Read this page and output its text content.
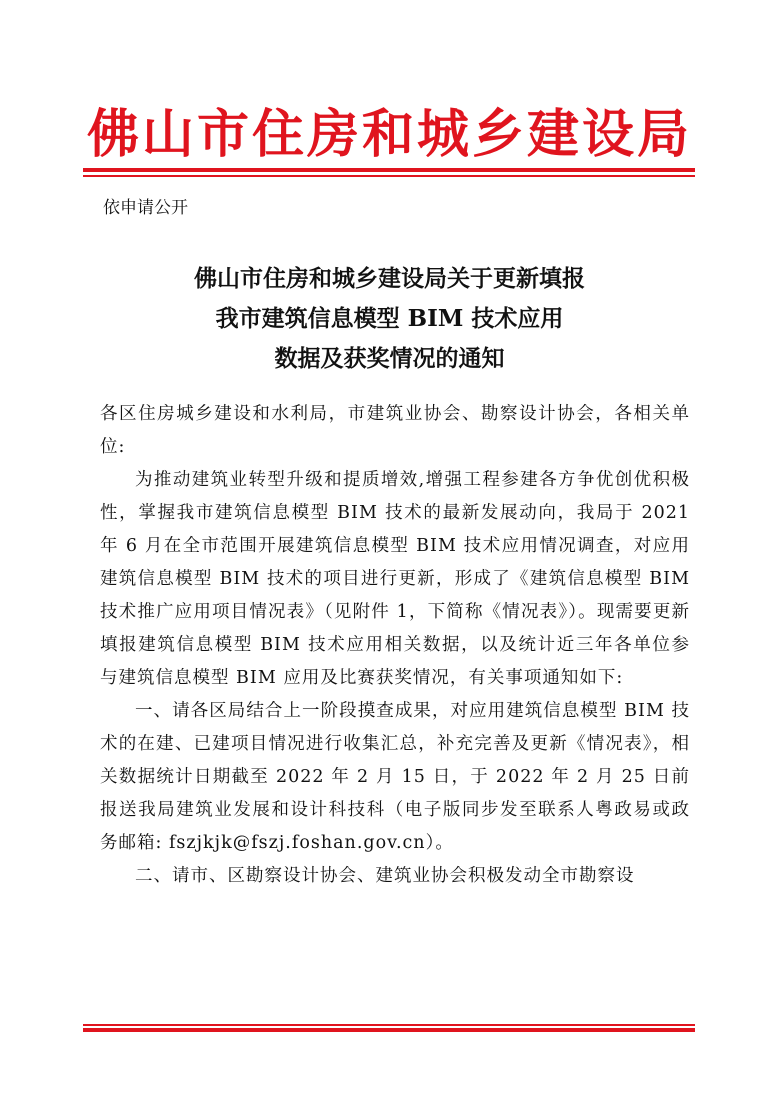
佛山市住房和城乡建设局
依申请公开
佛山市住房和城乡建设局关于更新填报
我市建筑信息模型 BIM 技术应用
数据及获奖情况的通知

各区住房城乡建设和水利局，市建筑业协会、勘察设计协会，各相关单位:

为推动建筑业转型升级和提质增效,增强工程参建各方争优创优积极性，掌握我市建筑信息模型 BIM 技术的最新发展动向，我局于 2021 年 6 月在全市范围开展建筑信息模型 BIM 技术应用情况调查，对应用建筑信息模型 BIM 技术的项目进行更新，形成了《建筑信息模型 BIM 技术推广应用项目情况表》（见附件 1，下简称《情况表》）。现需要更新填报建筑信息模型 BIM 技术应用相关数据，以及统计近三年各单位参与建筑信息模型 BIM 应用及比赛获奖情况，有关事项通知如下:

一、请各区局结合上一阶段摸查成果，对应用建筑信息模型 BIM 技术的在建、已建项目情况进行收集汇总，补充完善及更新《情况表》，相关数据统计日期截至 2022 年 2 月 15 日，于 2022 年 2 月 25 日前报送我局建筑业发展和设计科技科（电子版同步发至联系人粤政易或政务邮箱: fszjkjk@fszj.foshan.gov.cn）。

二、请市、区勘察设计协会、建筑业协会积极发动全市勘察设
